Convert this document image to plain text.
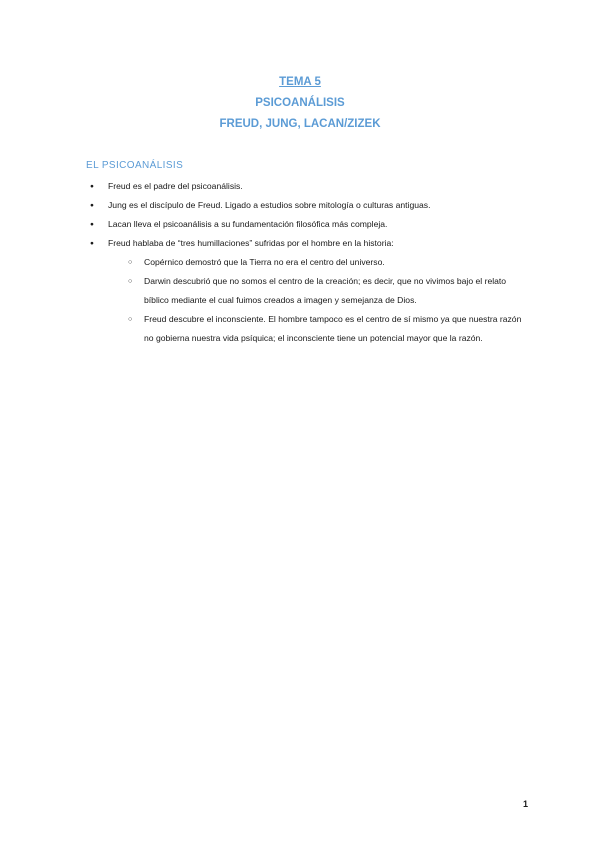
TEMA 5
PSICOANÁLISIS
FREUD, JUNG, LACAN/ZIZEK
EL PSICOANÁLISIS
● Freud es el padre del psicoanálisis.
● Jung es el discípulo de Freud. Ligado a estudios sobre mitología o culturas antiguas.
● Lacan lleva el psicoanálisis a su fundamentación filosófica más compleja.
● Freud hablaba de “tres humillaciones” sufridas por el hombre en la historia:
○ Copérnico demostró que la Tierra no era el centro del universo.
○ Darwin descubrió que no somos el centro de la creación; es decir, que no vivimos bajo el relato bíblico mediante el cual fuimos creados a imagen y semejanza de Dios.
○ Freud descubre el inconsciente. El hombre tampoco es el centro de sí mismo ya que nuestra razón no gobierna nuestra vida psíquica; el inconsciente tiene un potencial mayor que la razón.
1
